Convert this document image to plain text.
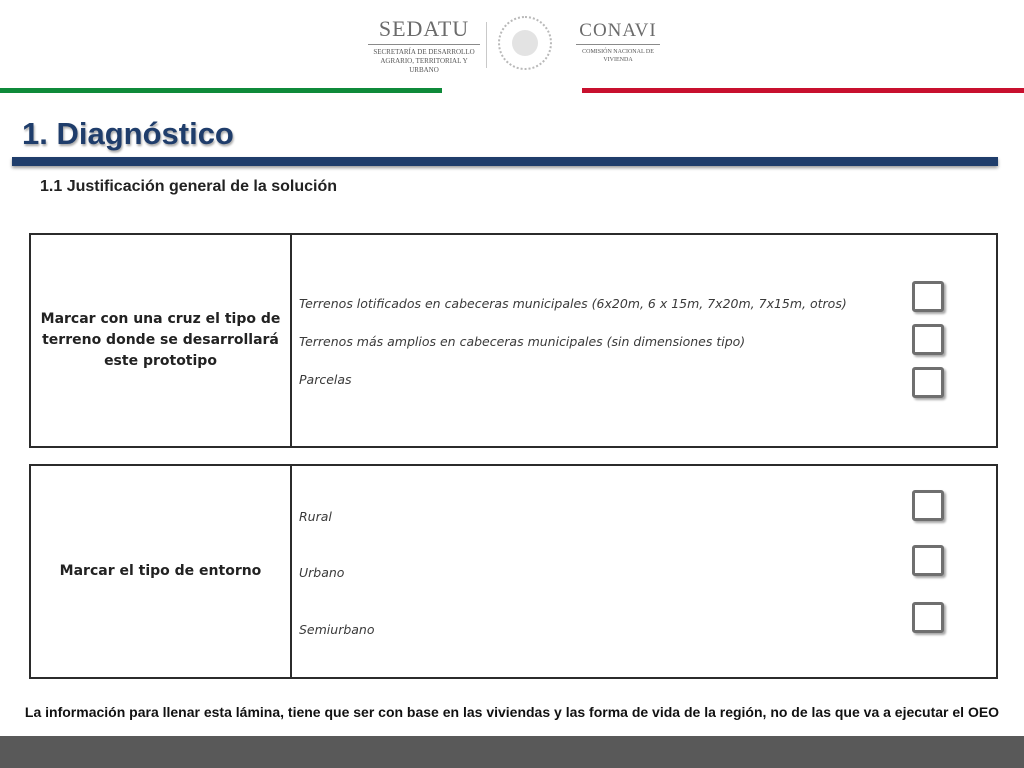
SEDATU
SECRETARÍA DE DESARROLLO AGRARIO, TERRITORIAL Y URBANO
CONAVI
COMISIÓN NACIONAL DE VIVIENDA
1. Diagnóstico
1.1 Justificación general de la solución
Marcar con una cruz el tipo de terreno donde se desarrollará este prototipo
Terrenos lotificados en cabeceras municipales (6x20m, 6 x 15m, 7x20m, 7x15m, otros)
Terrenos más amplios en cabeceras municipales (sin dimensiones tipo)
Parcelas
Marcar el tipo de entorno
Rural
Urbano
Semiurbano
La información para llenar esta lámina, tiene que ser con base en las viviendas y las forma de vida de la región, no de las que va a ejecutar el OEO
